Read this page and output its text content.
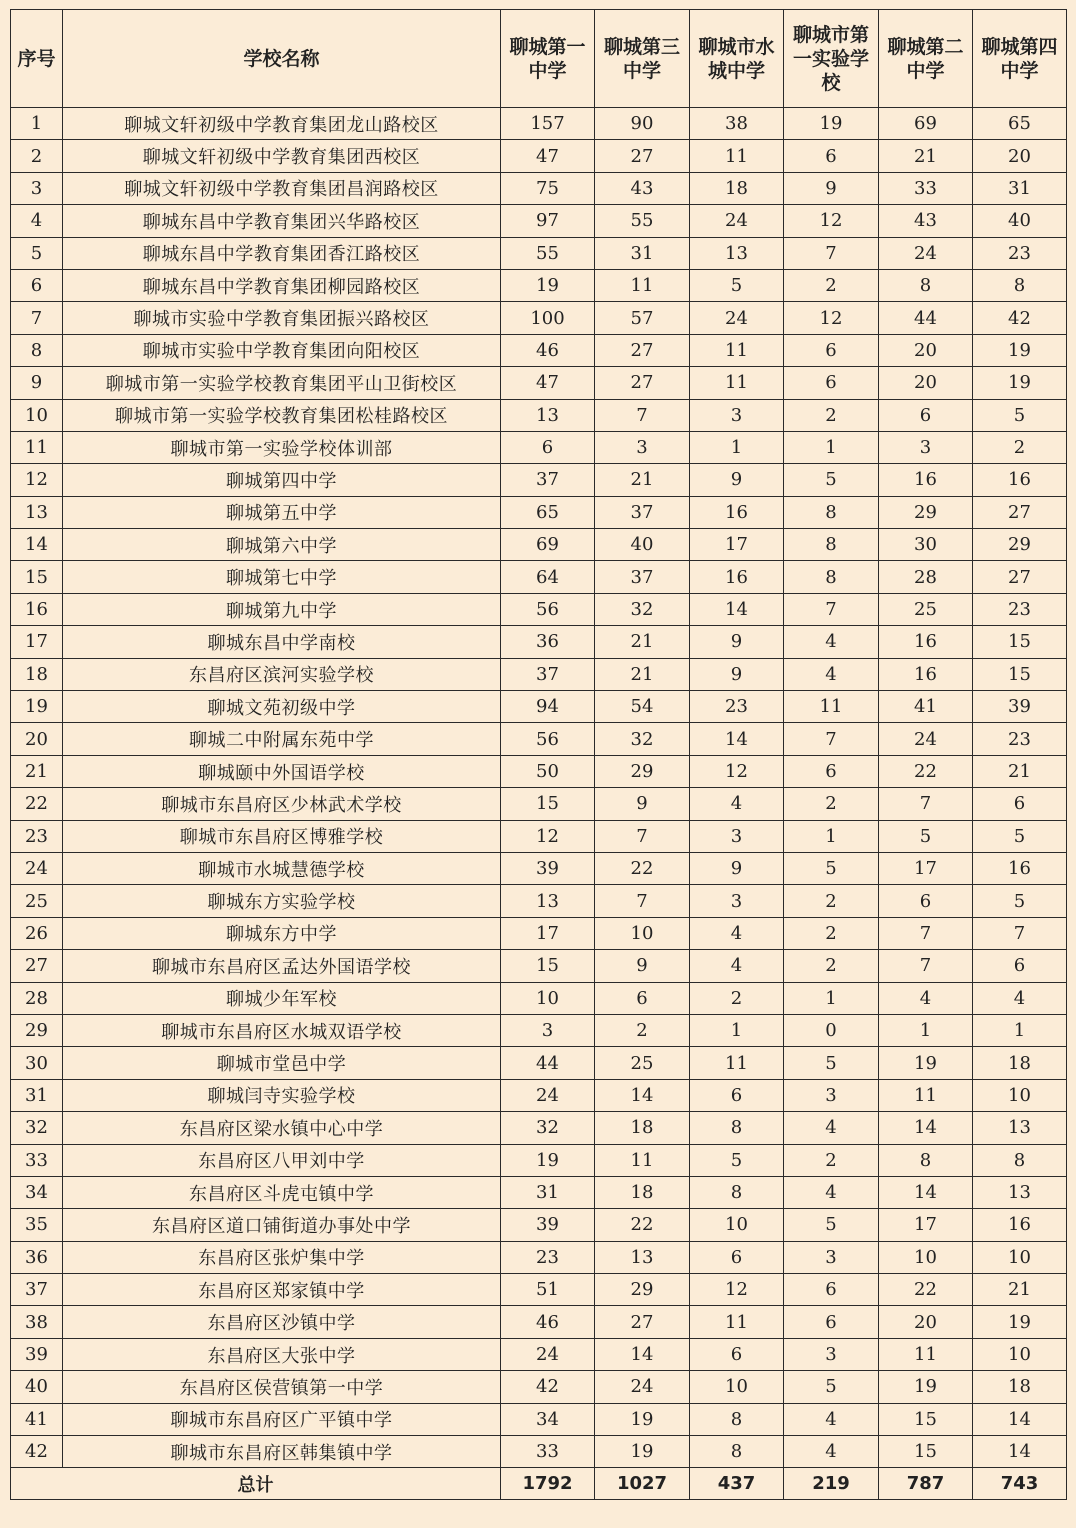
序号	学校名称	聊城第一中学	聊城第三中学	聊城市水城中学	聊城市第一实验学校	聊城第二中学	聊城第四中学
1	聊城文轩初级中学教育集团龙山路校区	157	90	38	19	69	65
2	聊城文轩初级中学教育集团西校区	47	27	11	6	21	20
3	聊城文轩初级中学教育集团昌润路校区	75	43	18	9	33	31
4	聊城东昌中学教育集团兴华路校区	97	55	24	12	43	40
5	聊城东昌中学教育集团香江路校区	55	31	13	7	24	23
6	聊城东昌中学教育集团柳园路校区	19	11	5	2	8	8
7	聊城市实验中学教育集团振兴路校区	100	57	24	12	44	42
8	聊城市实验中学教育集团向阳校区	46	27	11	6	20	19
9	聊城市第一实验学校教育集团平山卫街校区	47	27	11	6	20	19
10	聊城市第一实验学校教育集团松桂路校区	13	7	3	2	6	5
11	聊城市第一实验学校体训部	6	3	1	1	3	2
12	聊城第四中学	37	21	9	5	16	16
13	聊城第五中学	65	37	16	8	29	27
14	聊城第六中学	69	40	17	8	30	29
15	聊城第七中学	64	37	16	8	28	27
16	聊城第九中学	56	32	14	7	25	23
17	聊城东昌中学南校	36	21	9	4	16	15
18	东昌府区滨河实验学校	37	21	9	4	16	15
19	聊城文苑初级中学	94	54	23	11	41	39
20	聊城二中附属东苑中学	56	32	14	7	24	23
21	聊城颐中外国语学校	50	29	12	6	22	21
22	聊城市东昌府区少林武术学校	15	9	4	2	7	6
23	聊城市东昌府区博雅学校	12	7	3	1	5	5
24	聊城市水城慧德学校	39	22	9	5	17	16
25	聊城东方实验学校	13	7	3	2	6	5
26	聊城东方中学	17	10	4	2	7	7
27	聊城市东昌府区孟达外国语学校	15	9	4	2	7	6
28	聊城少年军校	10	6	2	1	4	4
29	聊城市东昌府区水城双语学校	3	2	1	0	1	1
30	聊城市堂邑中学	44	25	11	5	19	18
31	聊城闫寺实验学校	24	14	6	3	11	10
32	东昌府区梁水镇中心中学	32	18	8	4	14	13
33	东昌府区八甲刘中学	19	11	5	2	8	8
34	东昌府区斗虎屯镇中学	31	18	8	4	14	13
35	东昌府区道口铺街道办事处中学	39	22	10	5	17	16
36	东昌府区张炉集中学	23	13	6	3	10	10
37	东昌府区郑家镇中学	51	29	12	6	22	21
38	东昌府区沙镇中学	46	27	11	6	20	19
39	东昌府区大张中学	24	14	6	3	11	10
40	东昌府区侯营镇第一中学	42	24	10	5	19	18
41	聊城市东昌府区广平镇中学	34	19	8	4	15	14
42	聊城市东昌府区韩集镇中学	33	19	8	4	15	14
总计		1792	1027	437	219	787	743
